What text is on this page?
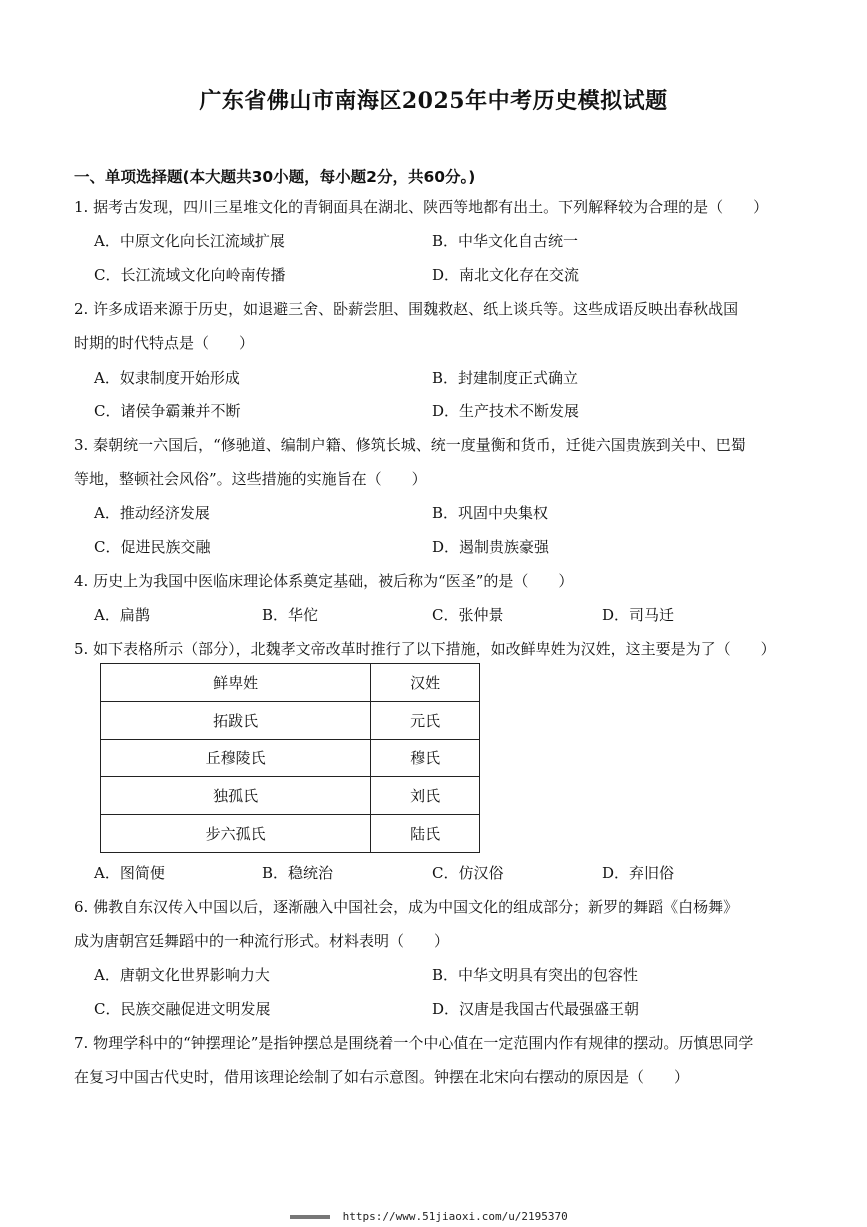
广东省佛山市南海区2025年中考历史模拟试题
一、单项选择题(本大题共30小题，每小题2分，共60分。)
1. 据考古发现，四川三星堆文化的青铜面具在湖北、陕西等地都有出土。下列解释较为合理的是（　　）
A．中原文化向长江流域扩展	B．中华文化自古统一
C．长江流域文化向岭南传播	D．南北文化存在交流
2. 许多成语来源于历史，如退避三舍、卧薪尝胆、围魏救赵、纸上谈兵等。这些成语反映出春秋战国
时期的时代特点是（　　）
A．奴隶制度开始形成	B．封建制度正式确立
C．诸侯争霸兼并不断	D．生产技术不断发展
3. 秦朝统一六国后，“修驰道、编制户籍、修筑长城、统一度量衡和货币，迁徙六国贵族到关中、巴蜀
等地，整顿社会风俗”。这些措施的实施旨在（　　）
A．推动经济发展	B．巩固中央集权
C．促进民族交融	D．遏制贵族豪强
4. 历史上为我国中医临床理论体系奠定基础，被后称为“医圣”的是（　　）
A．扁鹊	B．华佗	C．张仲景	D．司马迁
5. 如下表格所示（部分），北魏孝文帝改革时推行了以下措施，如改鲜卑姓为汉姓，这主要是为了（　　）
鲜卑姓	汉姓
拓跋氏	元氏
丘穆陵氏	穆氏
独孤氏	刘氏
步六孤氏	陆氏
A．图简便	B．稳统治	C．仿汉俗	D．弃旧俗
6. 佛教自东汉传入中国以后，逐渐融入中国社会，成为中国文化的组成部分；新罗的舞蹈《白杨舞》
成为唐朝宫廷舞蹈中的一种流行形式。材料表明（　　）
A．唐朝文化世界影响力大	B．中华文明具有突出的包容性
C．民族交融促进文明发展	D．汉唐是我国古代最强盛王朝
7. 物理学科中的“钟摆理论”是指钟摆总是围绕着一个中心值在一定范围内作有规律的摆动。历慎思同学
在复习中国古代史时，借用该理论绘制了如右示意图。钟摆在北宋向右摆动的原因是（　　）
https://www.51jiaoxi.com/u/2195370
